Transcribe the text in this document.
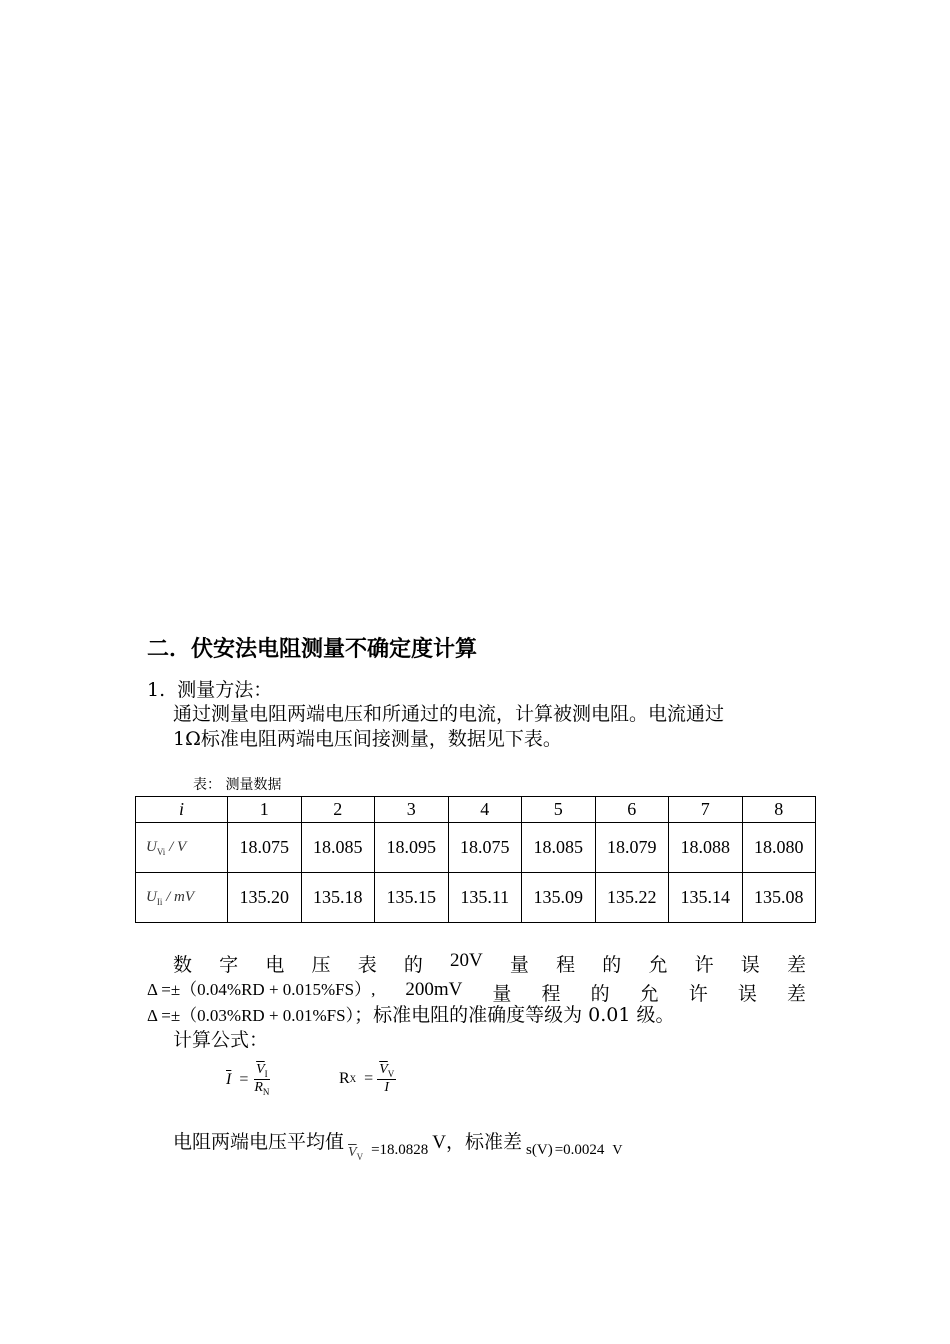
二．伏安法电阻测量不确定度计算
1. 测量方法：
通过测量电阻两端电压和所通过的电流，计算被测电阻。电流通过
1Ω标准电阻两端电压间接测量，数据见下表。
表： 测量数据
i	1	2	3	4	5	6	7	8
$U_{Vi}$ / V	18.075	18.085	18.095	18.075	18.085	18.079	18.088	18.080
$U_{Ii}$ / mV	135.20	135.18	135.15	135.11	135.09	135.22	135.14	135.08
数 字 电 压 表 的 20V 量 程 的 允 许 误 差
Δ =±（0.04%RD + 0.015%FS）, 200mV 量 程 的 允 许 误 差
Δ =±（0.03%RD + 0.01%FS）；标准电阻的准确度等级为 0.01 级。
计算公式：
$\overline{I} = \frac{\overline{V}_I}{R_N}$	R $X = \frac{\overline{V}_V}{I}$
电阻两端电压平均值 $\overline{V}_V =18.0828$ V，标准差 s(V) =0.0024 V
